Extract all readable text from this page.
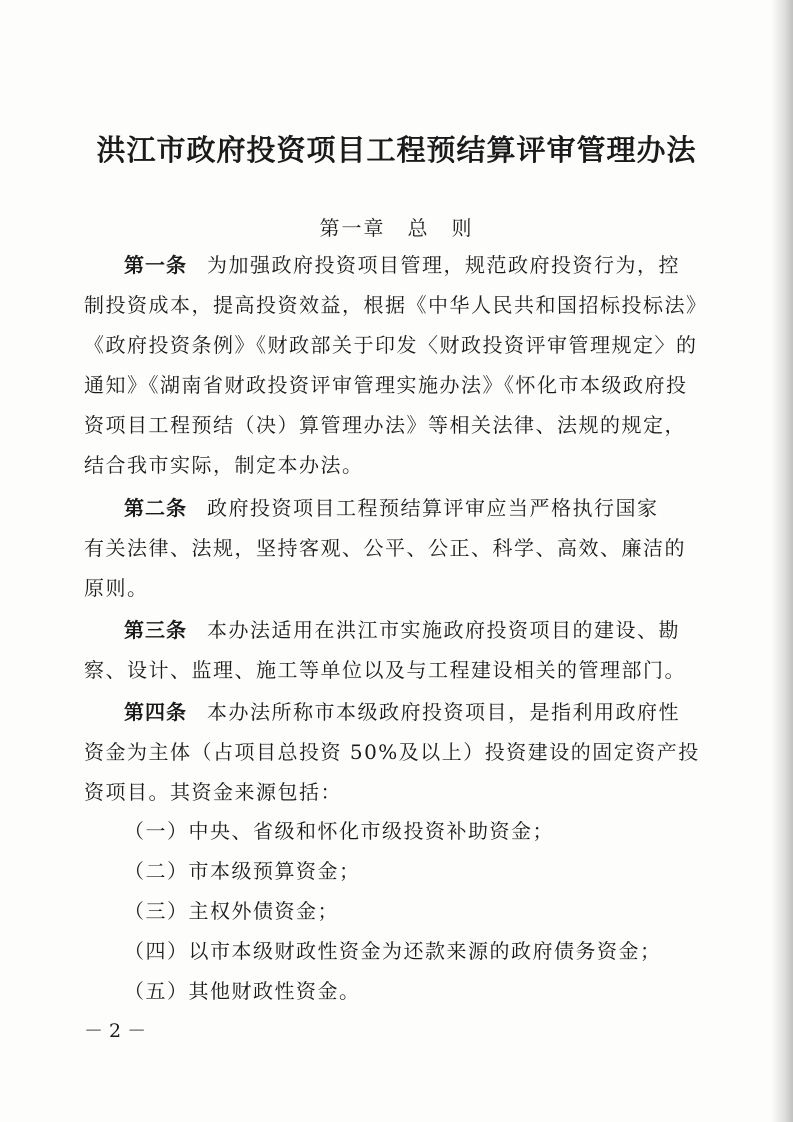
洪江市政府投资项目工程预结算评审管理办法
第一章　总　则
第一条 为加强政府投资项目管理，规范政府投资行为，控
制投资成本，提高投资效益，根据《中华人民共和国招标投标法》
《政府投资条例》《财政部关于印发〈财政投资评审管理规定〉的
通知》《湖南省财政投资评审管理实施办法》《怀化市本级政府投
资项目工程预结（决）算管理办法》等相关法律、法规的规定，
结合我市实际，制定本办法。
第二条 政府投资项目工程预结算评审应当严格执行国家
有关法律、法规，坚持客观、公平、公正、科学、高效、廉洁的
原则。
第三条 本办法适用在洪江市实施政府投资项目的建设、勘
察、设计、监理、施工等单位以及与工程建设相关的管理部门。
第四条 本办法所称市本级政府投资项目，是指利用政府性
资金为主体（占项目总投资 50%及以上）投资建设的固定资产投
资项目。其资金来源包括：
（一）中央、省级和怀化市级投资补助资金；
（二）市本级预算资金；
（三）主权外债资金；
（四）以市本级财政性资金为还款来源的政府债务资金；
（五）其他财政性资金。
－ 2 －
